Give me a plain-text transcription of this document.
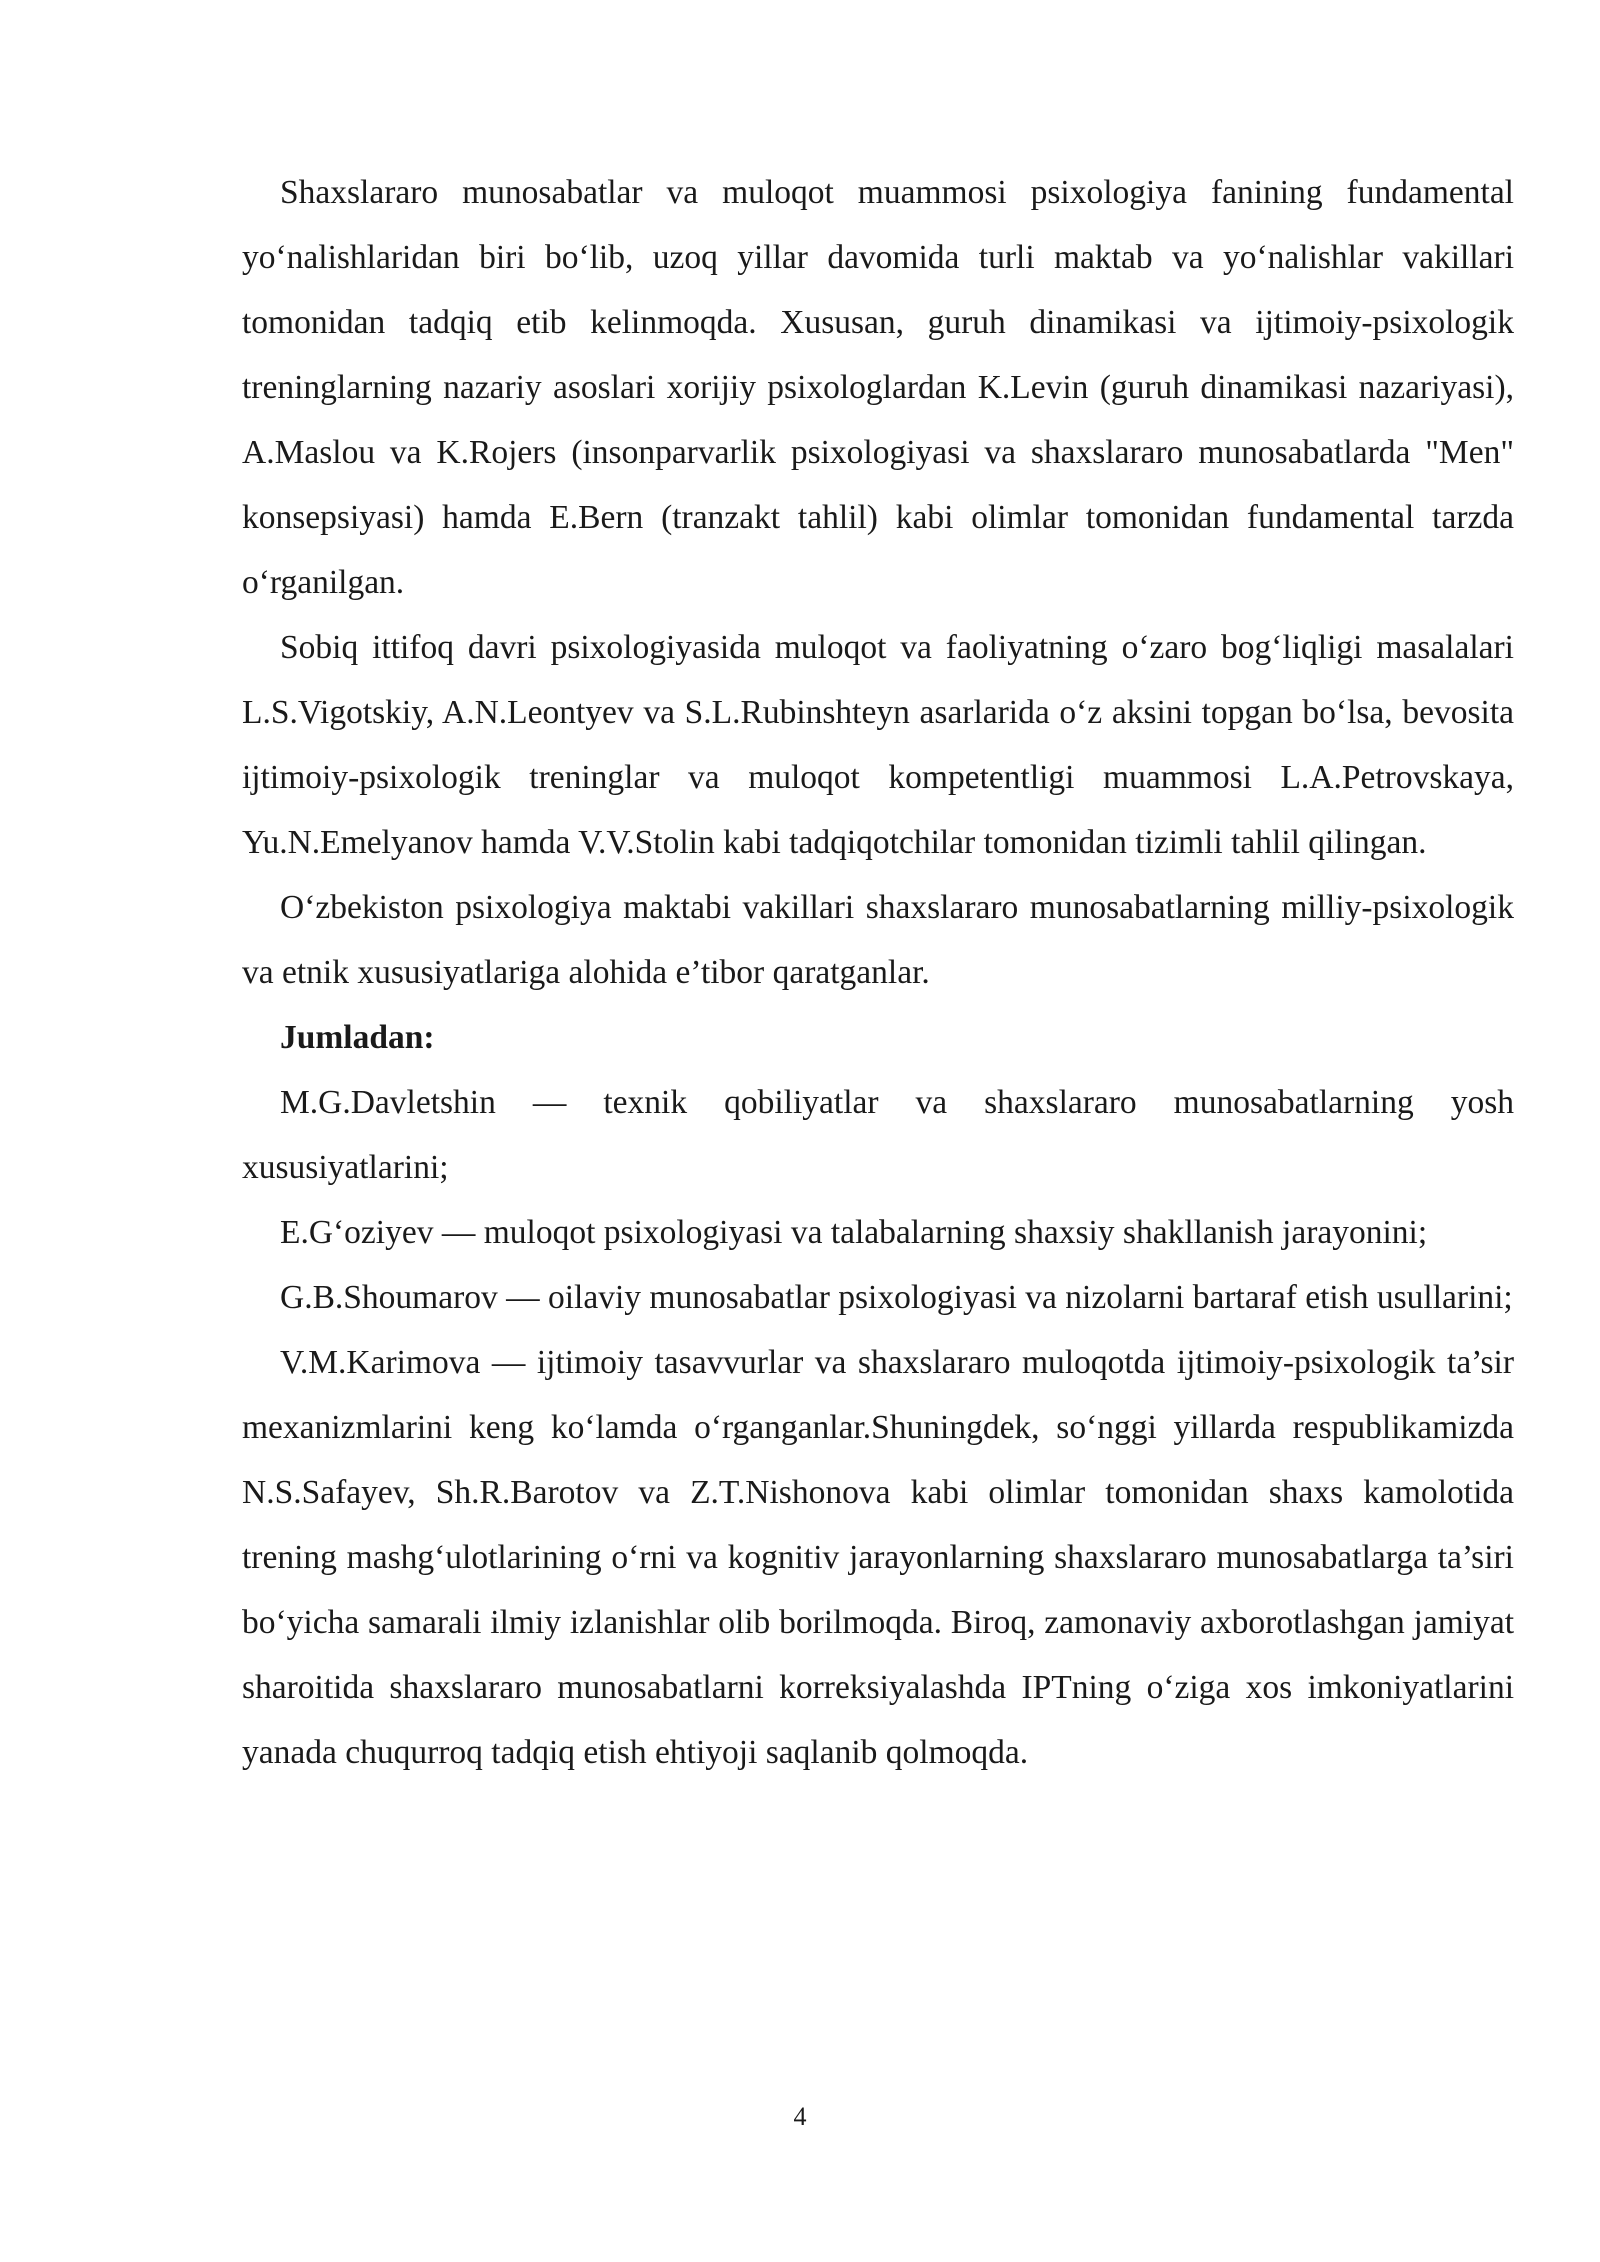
Shaxslararo munosabatlar va muloqot muammosi psixologiya fanining fundamental yo‘nalishlaridan biri bo‘lib, uzoq yillar davomida turli maktab va yo‘nalishlar vakillari tomonidan tadqiq etib kelinmoqda. Xususan, guruh dinamikasi va ijtimoiy-psixologik treninglarning nazariy asoslari xorijiy psixologlardan K.Levin (guruh dinamikasi nazariyasi), A.Maslou va K.Rojers (insonparvarlik psixologiyasi va shaxslararo munosabatlarda "Men" konsepsiyasi) hamda E.Bern (tranzakt tahlil) kabi olimlar tomonidan fundamental tarzda o‘rganilgan.

Sobiq ittifoq davri psixologiyasida muloqot va faoliyatning o‘zaro bog‘liqligi masalalari L.S.Vigotskiy, A.N.Leontyev va S.L.Rubinshteyn asarlarida o‘z aksini topgan bo‘lsa, bevosita ijtimoiy-psixologik treninglar va muloqot kompetentligi muammosi L.A.Petrovskaya, Yu.N.Emelyanov hamda V.V.Stolin kabi tadqiqotchilar tomonidan tizimli tahlil qilingan.

O‘zbekiston psixologiya maktabi vakillari shaxslararo munosabatlarning milliy-psixologik va etnik xususiyatlariga alohida e’tibor qaratganlar.

Jumladan:

M.G.Davletshin — texnik qobiliyatlar va shaxslararo munosabatlarning yosh xususiyatlarini;

E.G‘oziyev — muloqot psixologiyasi va talabalarning shaxsiy shakllanish jarayonini;

G.B.Shoumarov — oilaviy munosabatlar psixologiyasi va nizolarni bartaraf etish usullarini;

V.M.Karimova — ijtimoiy tasavvurlar va shaxslararo muloqotda ijtimoiy-psixologik ta’sir mexanizmlarini keng ko‘lamda o‘rganganlar.Shuningdek, so‘nggi yillarda respublikamizda N.S.Safayev, Sh.R.Barotov va Z.T.Nishonova kabi olimlar tomonidan shaxs kamolotida trening mashg‘ulotlarining o‘rni va kognitiv jarayonlarning shaxslararo munosabatlarga ta’siri bo‘yicha samarali ilmiy izlanishlar olib borilmoqda. Biroq, zamonaviy axborotlashgan jamiyat sharoitida shaxslararo munosabatlarni korreksiyalashda IPTning o‘ziga xos imkoniyatlarini yanada chuqurroq tadqiq etish ehtiyoji saqlanib qolmoqda.

4
